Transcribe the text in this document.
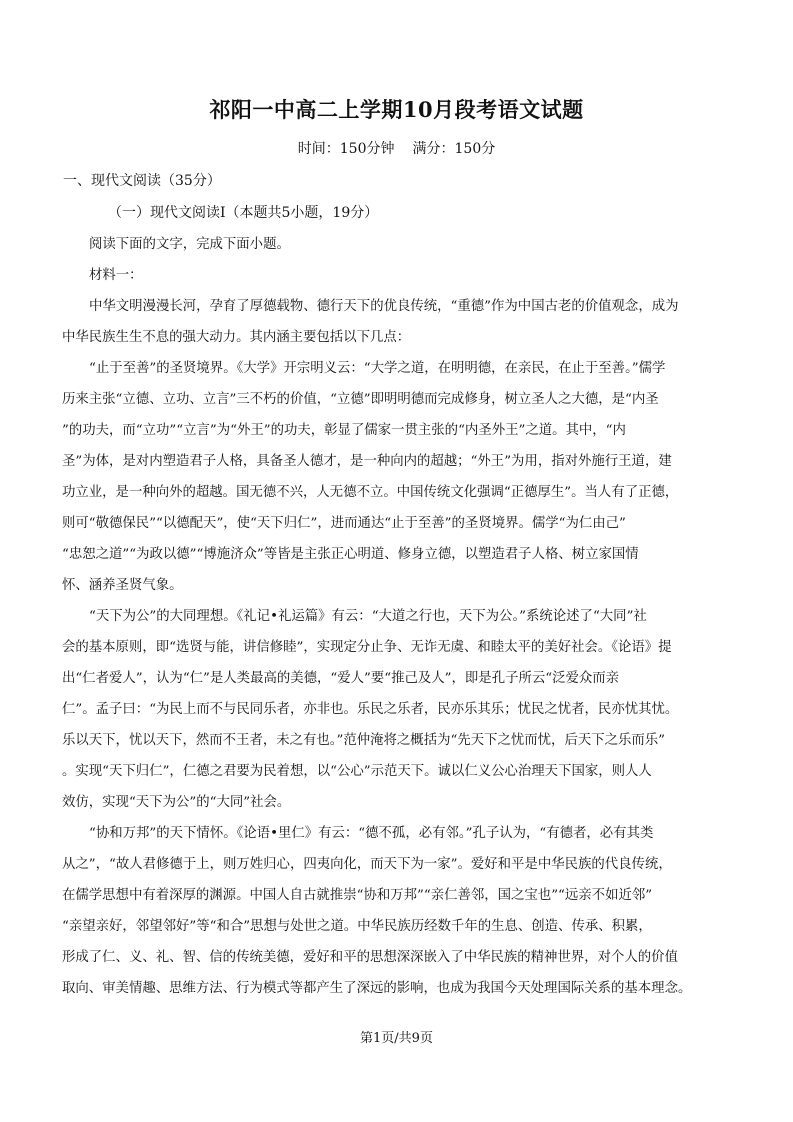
祁阳一中高二上学期10月段考语文试题
时间：150分钟 满分：150分
一、现代文阅读（35分）
（一）现代文阅读Ⅰ（本题共5小题，19分）
阅读下面的文字，完成下面小题。
材料一：
中华文明漫漫长河，孕育了厚德载物、德行天下的优良传统，“重德”作为中国古老的价值观念，成为
中华民族生生不息的强大动力。其内涵主要包括以下几点：
“止于至善”的圣贤境界。《大学》开宗明义云：“大学之道，在明明德，在亲民，在止于至善。”儒学
历来主张“立德、立功、立言”三不朽的价值，“立德”即明明德而完成修身，树立圣人之大德，是“内圣
”的功夫，而“立功”“立言”为“外王”的功夫，彰显了儒家一贯主张的“内圣外王”之道。其中，“内
圣”为体，是对内塑造君子人格，具备圣人德才，是一种向内的超越；“外王”为用，指对外施行王道，建
功立业，是一种向外的超越。国无德不兴，人无德不立。中国传统文化强调“正德厚生”。当人有了正德，
则可“敬德保民”“以德配天”，使“天下归仁”，进而通达“止于至善”的圣贤境界。儒学“为仁由己”
“忠恕之道”“为政以德”“博施济众”等皆是主张正心明道、修身立德，以塑造君子人格、树立家国情
怀、涵养圣贤气象。
“天下为公”的大同理想。《礼记•礼运篇》有云：“大道之行也，天下为公。”系统论述了“大同”社
会的基本原则，即“选贤与能，讲信修睦”，实现定分止争、无诈无虞、和睦太平的美好社会。《论语》提
出“仁者爱人”，认为“仁”是人类最高的美德，“爱人”要“推己及人”，即是孔子所云“泛爱众而亲
仁”。孟子曰：“为民上而不与民同乐者，亦非也。乐民之乐者，民亦乐其乐；忧民之忧者，民亦忧其忧。
乐以天下，忧以天下，然而不王者，未之有也。”范仲淹将之概括为“先天下之忧而忧，后天下之乐而乐”
。实现“天下归仁”，仁德之君要为民着想，以“公心”示范天下。诚以仁义公心治理天下国家，则人人
效仿，实现“天下为公”的“大同”社会。
“协和万邦”的天下情怀。《论语•里仁》有云：“德不孤，必有邻。”孔子认为，“有德者，必有其类
从之”，“故人君修德于上，则万姓归心，四夷向化，而天下为一家”。爱好和平是中华民族的代良传统，
在儒学思想中有着深厚的渊源。中国人自古就推崇“协和万邦”“亲仁善邻，国之宝也”“远亲不如近邻”
“亲望亲好，邻望邻好”等“和合”思想与处世之道。中华民族历经数千年的生息、创造、传承、积累，
形成了仁、义、礼、智、信的传统美德，爱好和平的思想深深嵌入了中华民族的精神世界，对个人的价值
取向、审美情趣、思维方法、行为模式等都产生了深远的影响，也成为我国今天处理国际关系的基本理念。
第1页/共9页
